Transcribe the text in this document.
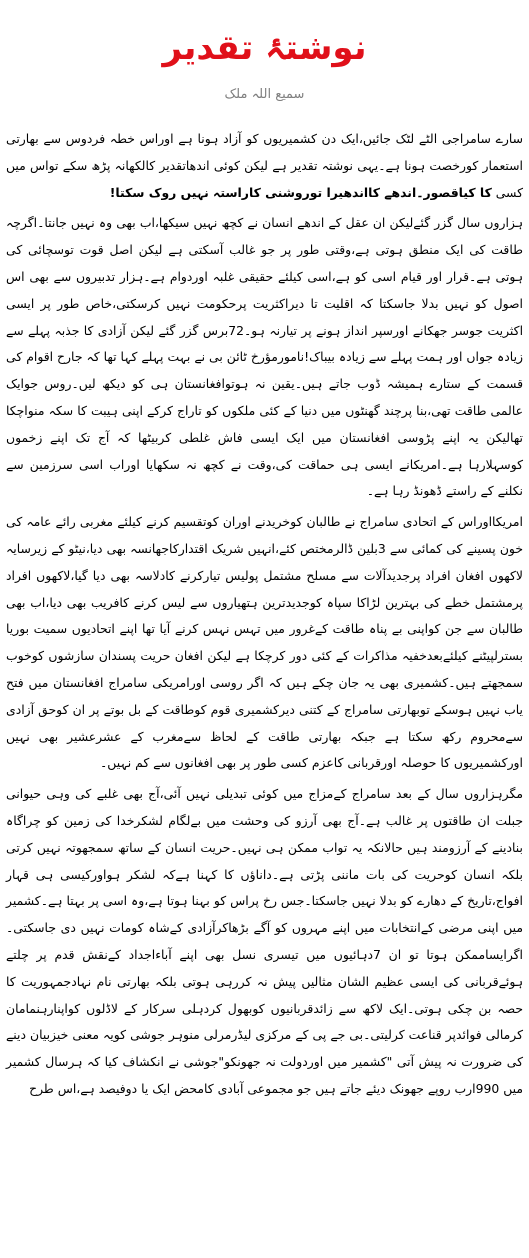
نوشتۂ تقدیر
سمیع اللہ ملک

سارے سامراجی الٹے لٹک جائیں،ایک دن کشمیریوں کو آزاد ہونا ہے اوراس خطہ فردوس سے بھارتی استعمار کورخصت ہونا ہے۔یہی نوشتہ تقدیر ہے لیکن کوئی اندھاتقدیر کالکھانہ پڑھ سکے تواس میں کسی کا کیاقصور۔اندھے کااندھیرا توروشنی کاراستہ نہیں روک سکتا!

ہزاروں سال گزر گئےلیکن ان عقل کے اندھے انسان نے کچھ نہیں سیکھا،اب بھی وہ نہیں جانتا۔اگرچہ طاقت کی ایک منطق ہوتی ہے،وقتی طور پر جو غالب آسکتی ہے لیکن اصل قوت توسچائی کی ہوتی ہے۔قرار اور قیام اسی کو ہے،اسی کیلئے حقیقی غلبہ اوردوام ہے۔ہزار تدبیروں سے بھی اس اصول کو نہیں بدلا جاسکتا کہ اقلیت تا دیراکثریت پرحکومت نہیں کرسکتی،خاص طور پر ایسی اکثریت جوسر جھکانے اورسپر انداز ہونے پر تیارنہ ہو۔72برس گزر گئے لیکن آزادی کا جذبہ پہلے سے زیادہ جواں اور ہمت پہلے سے زیادہ بیباک!نامورمؤرخ ٹائن بی نے بہت پہلے کہا تھا کہ جارح اقوام کی قسمت کے ستارے ہمیشہ ڈوب جاتے ہیں۔یقین نہ ہوتوافغانستان ہی کو دیکھ لیں۔روس جوایک عالمی طاقت تھی،بنا پرچند گھنٹوں میں دنیا کے کئی ملکوں کو تاراج کرکے اپنی ہیبت کا سکہ منواچکا تھالیکن یہ اپنے پڑوسی افغانستان میں ایک ایسی فاش غلطی کربیٹھا کہ آج تک اپنے زخموں کوسہلارہا ہے۔امریکانے ایسی ہی حماقت کی،وقت نے کچھ نہ سکھایا اوراب اسی سرزمین سے نکلنے کے راستے ڈھونڈ رہا ہے۔

امریکااوراس کے اتحادی سامراج نے طالبان کوخریدنے اوران کوتقسیم کرنے کیلئے مغربی رائے عامہ کی خون پسینے کی کمائی سے 3بلین ڈالرمختص کئے،انہیں شریک اقتدارکاجھانسہ بھی دیا،نیٹو کے زیرسایہ لاکھوں افغان افراد پرجدیدآلات سے مسلح مشتمل پولیس تیارکرنے کادلاسہ بھی دیا گیا،لاکھوں افراد پرمشتمل خطے کی بہترین لڑاکا سپاہ کوجدیدترین ہتھیاروں سے لیس کرنے کافریب بھی دیا،اب بھی طالبان سے جن کواپنی بے پناہ طاقت کےغرور میں تہس نہس کرنے آیا تھا اپنے اتحادیوں سمیت بوریا بسترلپیٹنے کیلئےبعدخفیہ مذاکرات کے کئی دور کرچکا ہے لیکن افغان حریت پسندان سازشوں کوخوب سمجھتے ہیں۔کشمیری بھی یہ جان چکے ہیں کہ اگر روسی اورامریکی سامراج افغانستان میں فتح یاب نہیں ہوسکے توبھارتی سامراج کے کتنی دیرکشمیری قوم کوطاقت کے بل بوتے پر ان کوحق آزادی سےمحروم رکھ سکتا ہے جبکہ بھارتی طاقت کے لحاظ سےمغرب کے عشرعشیر بھی نہیں اورکشمیریوں کا حوصلہ اورقربانی کاعزم کسی طور پر بھی افغانوں سے کم نہیں۔

مگرہزاروں سال کے بعد سامراج کےمزاج میں کوئی تبدیلی نہیں آئی،آج بھی غلبے کی وہی حیوانی جبلت ان طاقتوں پر غالب ہے۔آج بھی آرزو کی وحشت میں بےلگام لشکرخدا کی زمین کو چراگاہ بنادینے کے آرزومند ہیں حالانکہ یہ تواب ممکن ہی نہیں۔حریت انسان کے ساتھ سمجھوتہ نہیں کرتی بلکہ انسان کوحریت کی بات ماننی پڑتی ہے۔داناؤں کا کہنا ہےکہ لشکر ہواورکیسی ہی قہار افواج،تاریخ کے دھارے کو بدلا نہیں جاسکتا۔جس رخ پراس کو بہنا ہوتا ہے،وہ اسی پر بہتا ہے۔کشمیر میں اپنی مرضی کےانتخابات میں اپنے مہروں کو آگے بڑھاکرآزادی کےشاہ کومات نہیں دی جاسکتی۔اگرایساممکن ہوتا تو ان 7دہائیوں میں تیسری نسل بھی اپنے آباءاجداد کےنقش قدم پر چلتے ہوئےقربانی کی ایسی عظیم الشان مثالیں پیش نہ کررہی ہوتی بلکہ بھارتی نام نہادجمہوریت کا حصہ بن چکی ہوتی۔ایک لاکھ سے زائدقربانیوں کوبھول کردہلی سرکار کے لاڈلوں کواپنارہنمامان کرمالی فوائدپر قناعت کرلیتی۔بی جے پی کے مرکزی لیڈرمرلی منوہر جوشی کویہ معنی خیزبیان دینے کی ضرورت نہ پیش آتی "کشمیر میں اوردولت نہ جھونکو"جوشی نے انکشاف کیا کہ ہرسال کشمیر میں 990ارب روپے جھونک دیئے جاتے ہیں جو مجموعی آبادی کامحض ایک یا دوفیصد ہے،اس طرح
